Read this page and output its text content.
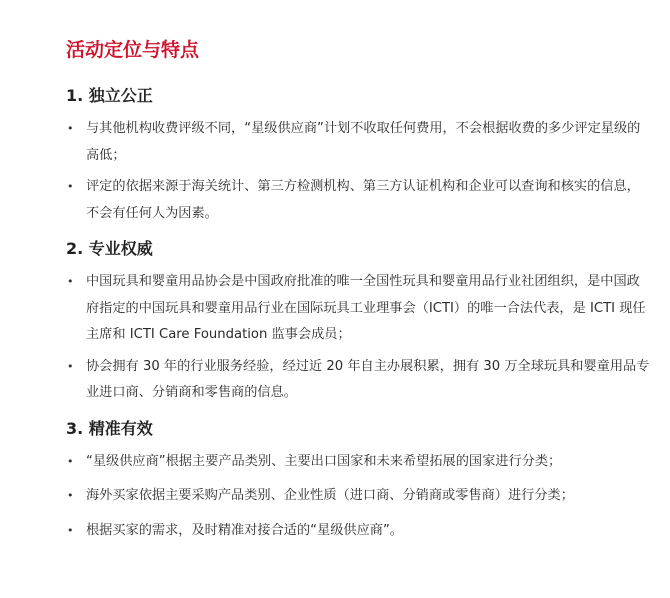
活动定位与特点
1. 独立公正
• 与其他机构收费评级不同，“星级供应商”计划不收取任何费用，不会根据收费的多少评定星级的高低；
• 评定的依据来源于海关统计、第三方检测机构、第三方认证机构和企业可以查询和核实的信息，不会有任何人为因素。
2. 专业权威
• 中国玩具和婴童用品协会是中国政府批准的唯一全国性玩具和婴童用品行业社团组织，是中国政府指定的中国玩具和婴童用品行业在国际玩具工业理事会（ICTI）的唯一合法代表，是 ICTI 现任主席和 ICTI Care Foundation 监事会成员；
• 协会拥有 30 年的行业服务经验，经过近 20 年自主办展积累，拥有 30 万全球玩具和婴童用品专业进口商、分销商和零售商的信息。
3. 精准有效
• “星级供应商”根据主要产品类别、主要出口国家和未来希望拓展的国家进行分类；
• 海外买家依据主要采购产品类别、企业性质（进口商、分销商或零售商）进行分类；
• 根据买家的需求，及时精准对接合适的“星级供应商”。
